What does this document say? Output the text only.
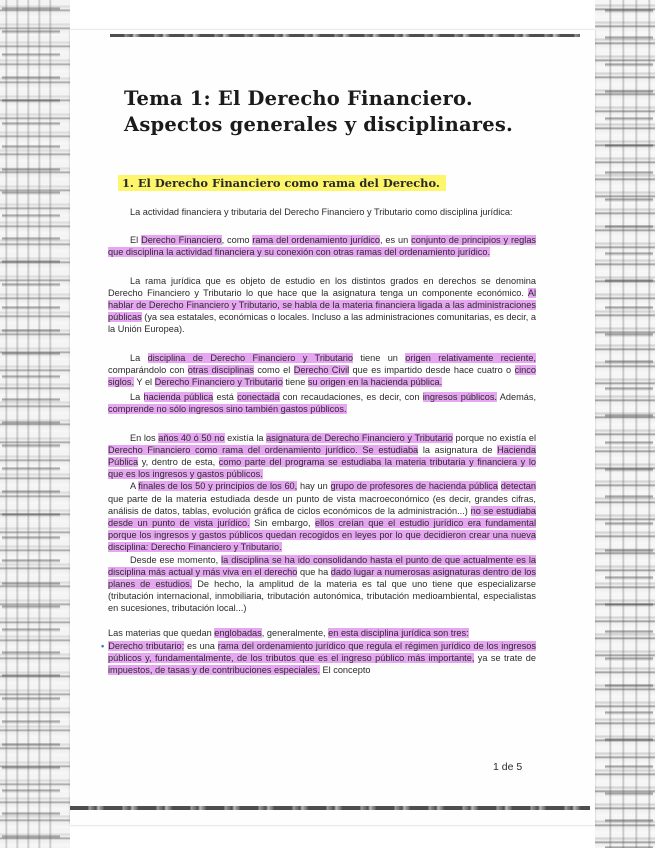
Tema 1: El Derecho Financiero. Aspectos generales y disciplinares.
1. El Derecho Financiero como rama del Derecho.

La actividad financiera y tributaria del Derecho Financiero y Tributario como disciplina jurídica:

El Derecho Financiero, como rama del ordenamiento jurídico, es un conjunto de principios y reglas que disciplina la actividad financiera y su conexión con otras ramas del ordenamiento jurídico.

La rama jurídica que es objeto de estudio en los distintos grados en derechos se denomina Derecho Financiero y Tributario lo que hace que la asignatura tenga un componente económico. Al hablar de Derecho Financiero y Tributario, se habla de la materia financiera ligada a las administraciones públicas (ya sea estatales, económicas o locales. Incluso a las administraciones comunitarias, es decir, a la Unión Europea).

La disciplina de Derecho Financiero y Tributario tiene un origen relativamente reciente, comparándolo con otras disciplinas como el Derecho Civil que es impartido desde hace cuatro o cinco siglos. Y el Derecho Financiero y Tributario tiene su origen en la hacienda pública.

La hacienda pública está conectada con recaudaciones, es decir, con ingresos públicos. Además, comprende no sólo ingresos sino también gastos públicos.

En los años 40 ó 50 no existía la asignatura de Derecho Financiero y Tributario porque no existía el Derecho Financiero como rama del ordenamiento jurídico. Se estudiaba la asignatura de Hacienda Pública y, dentro de esta, como parte del programa se estudiaba la materia tributaria y financiera y lo que es los ingresos y gastos públicos.

A finales de los 50 y principios de los 60, hay un grupo de profesores de hacienda pública detectan que parte de la materia estudiada desde un punto de vista macroeconómico (es decir, grandes cifras, análisis de datos, tablas, evolución gráfica de ciclos económicos de la administración...) no se estudiaba desde un punto de vista jurídico. Sin embargo, ellos creían que el estudio jurídico era fundamental porque los ingresos y gastos públicos quedan recogidos en leyes por lo que decidieron crear una nueva disciplina: Derecho Financiero y Tributario.

Desde ese momento, la disciplina se ha ido consolidando hasta el punto de que actualmente es la disciplina más actual y más viva en el derecho que ha dado lugar a numerosas asignaturas dentro de los planes de estudios. De hecho, la amplitud de la materia es tal que uno tiene que especializarse (tributación internacional, inmobiliaria, tributación autonómica, tributación medioambiental, especialistas en sucesiones, tributación local...)

Las materias que quedan englobadas, generalmente, en esta disciplina jurídica son tres:

• Derecho tributario: es una rama del ordenamiento jurídico que regula el régimen jurídico de los ingresos públicos y, fundamentalmente, de los tributos que es el ingreso público más importante, ya se trate de impuestos, de tasas y de contribuciones especiales. El concepto

1 de 5
